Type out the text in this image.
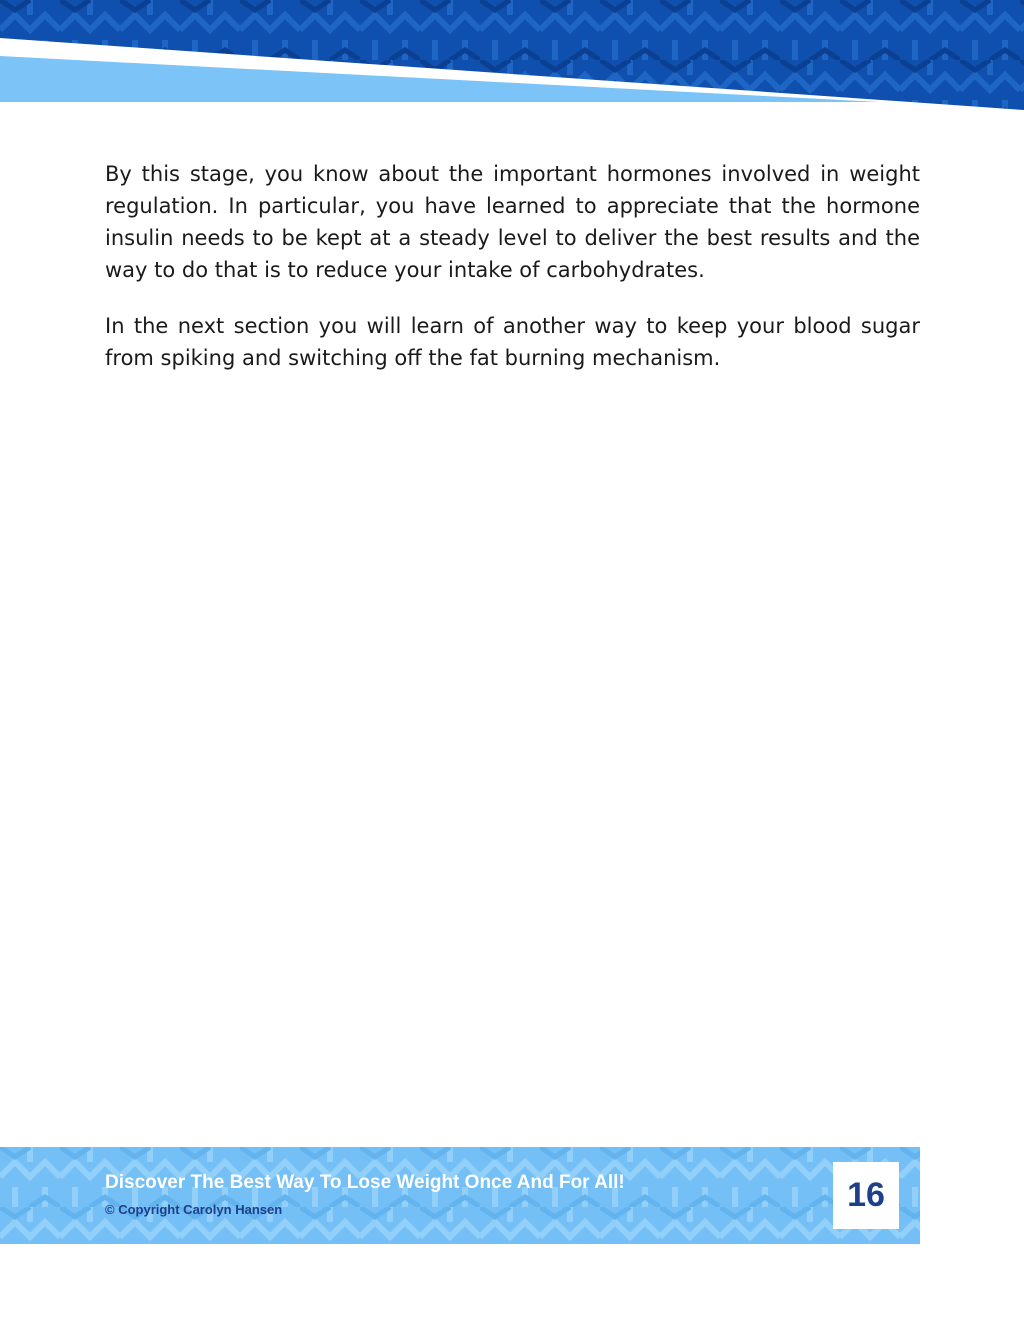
By this stage, you know about the important hormones involved in weight regulation. In particular, you have learned to appreciate that the hormone insulin needs to be kept at a steady level to deliver the best results and the way to do that is to reduce your intake of carbohydrates.

In the next section you will learn of another way to keep your blood sugar from spiking and switching off the fat burning mechanism.

Discover The Best Way To Lose Weight Once And For All!
© Copyright Carolyn Hansen	16
